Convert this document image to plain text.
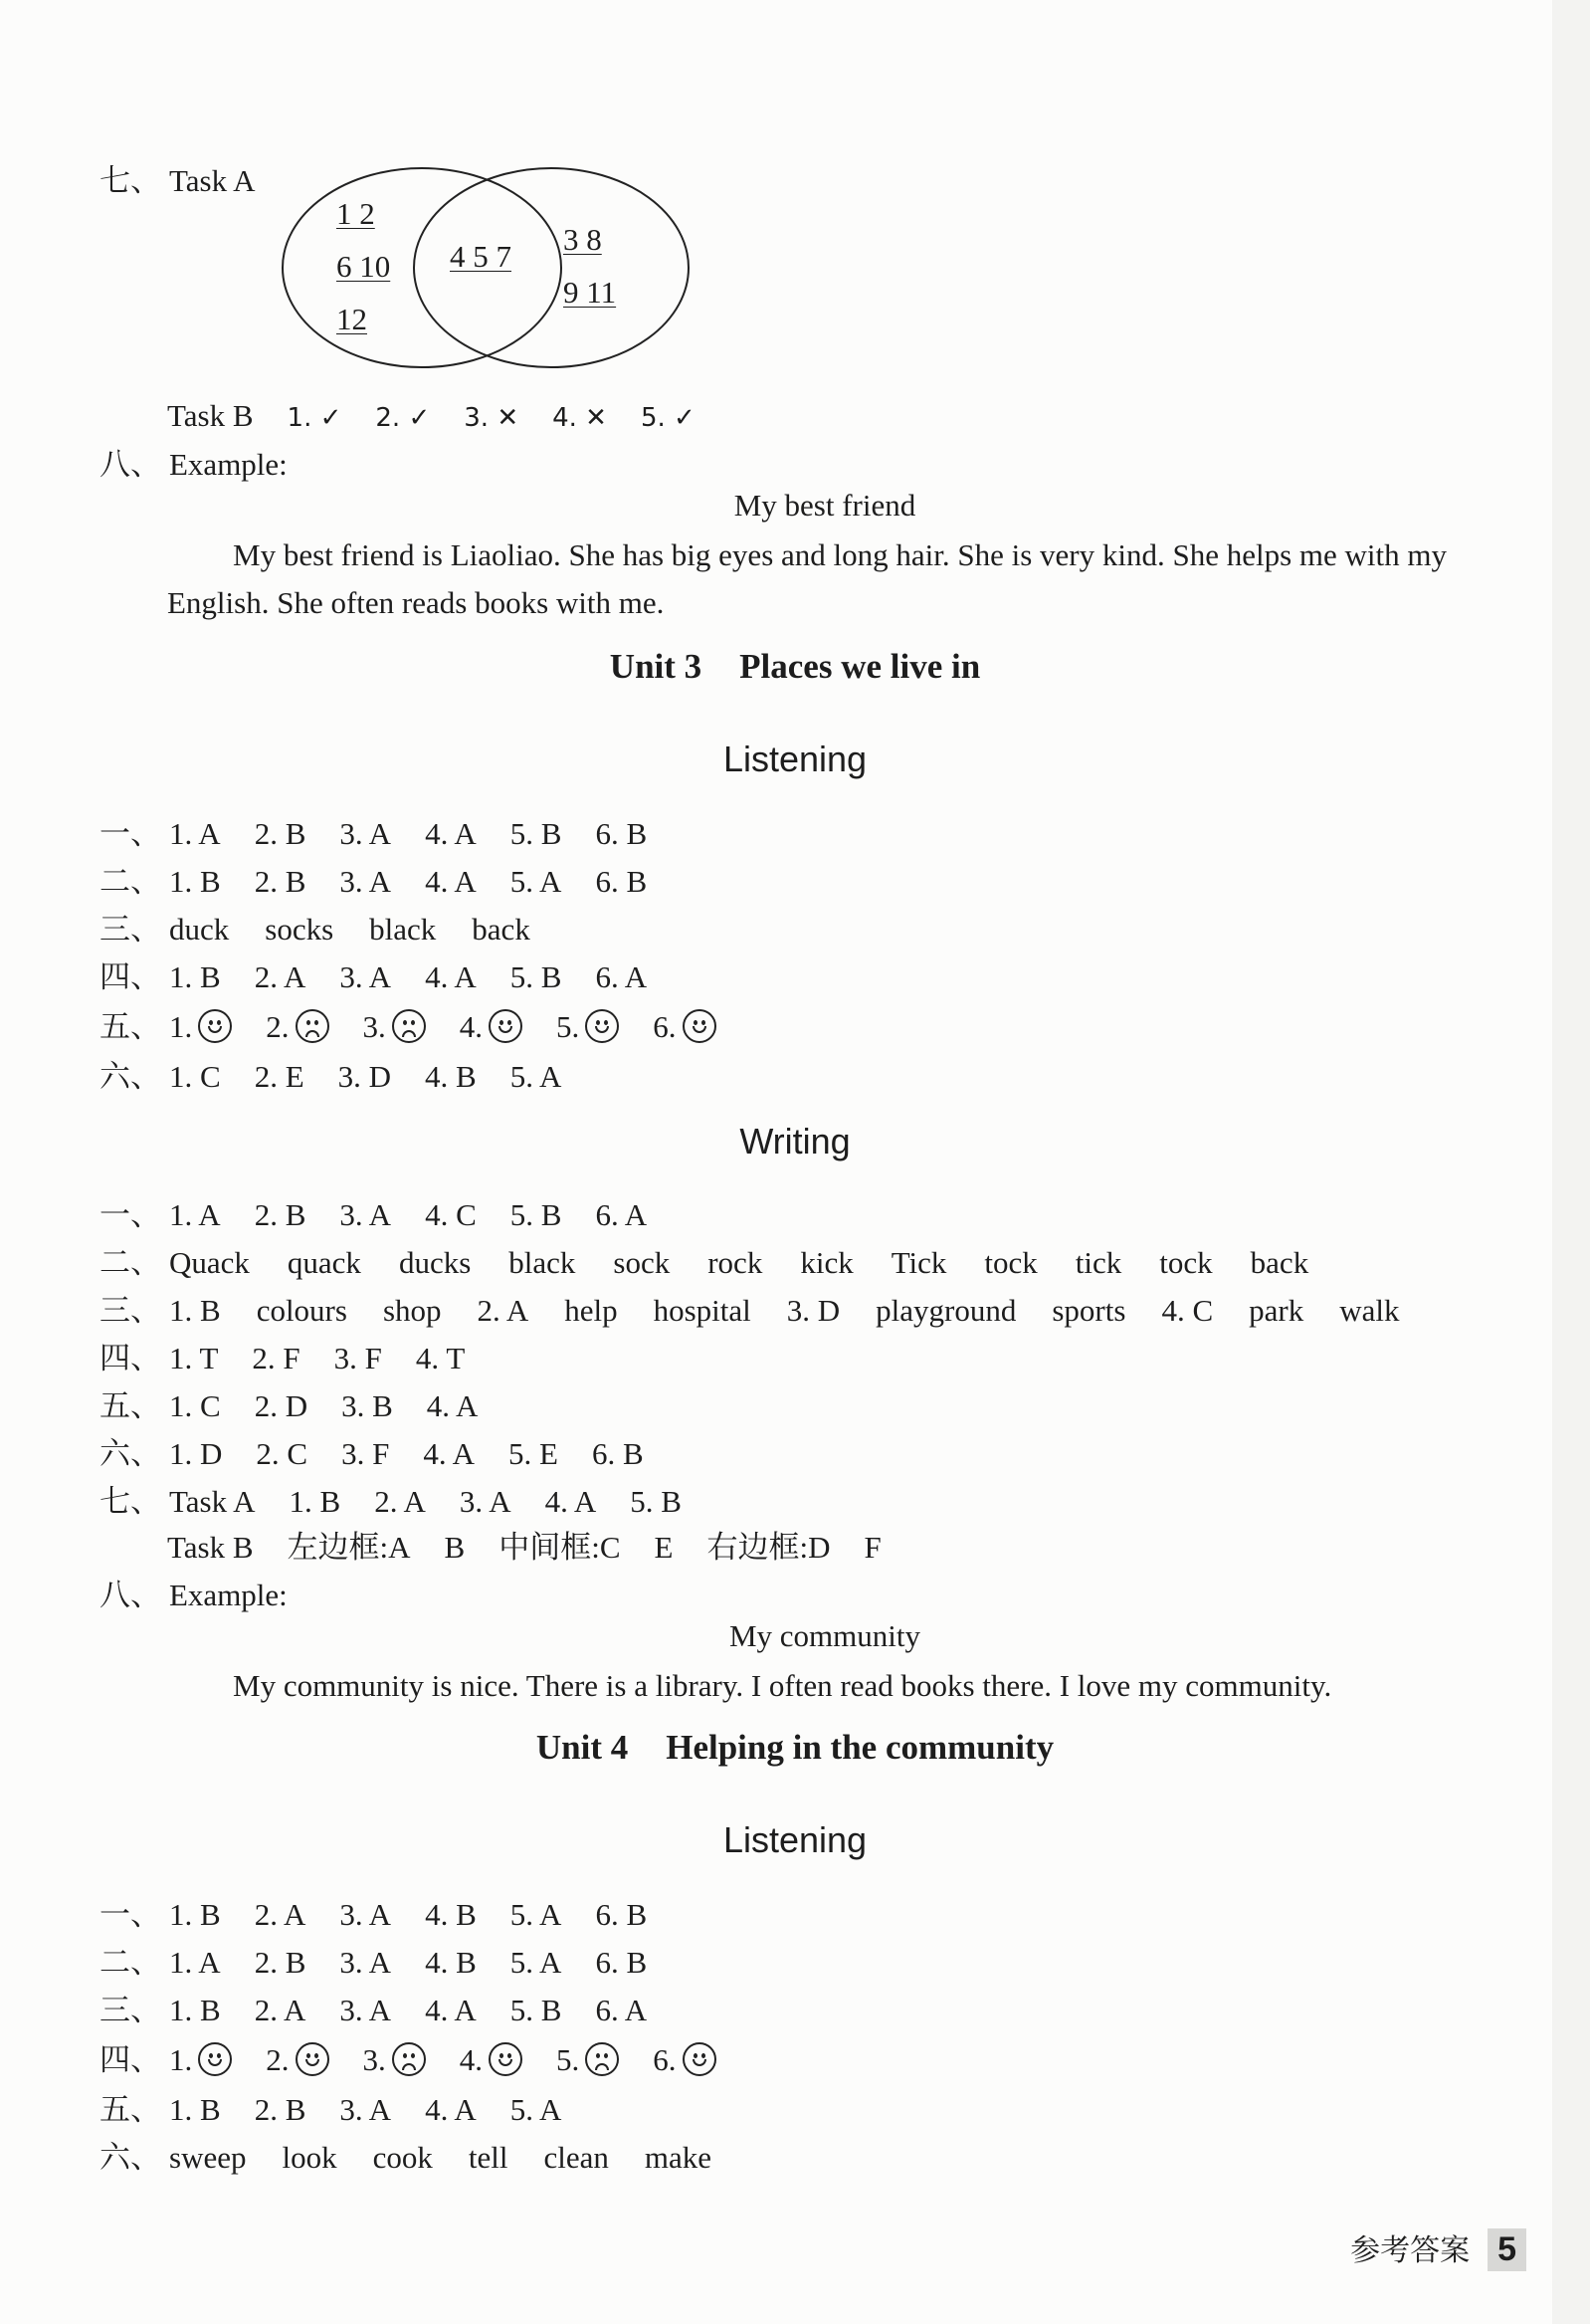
七、 Task A
1 2
6 10
12
4 5 7 3 8
9 11
Task B 1. ✓ 2. ✓ 3. ✕ 4. ✕ 5. ✓
八、 Example:
My best friend
My best friend is Liaoliao. She has big eyes and long hair. She is very kind. She helps me with my English. She often reads books with me.
Unit 3 Places we live in
Listening
一、 1. A 2. B 3. A 4. A 5. B 6. B
二、 1. B 2. B 3. A 4. A 5. A 6. B
三、 duck socks black back
四、 1. B 2. A 3. A 4. A 5. B 6. A
五、 1. 2. 3. 4. 5. 6.
六、 1. C 2. E 3. D 4. B 5. A
Writing
一、 1. A 2. B 3. A 4. C 5. B 6. A
二、 Quack quack ducks black sock rock kick Tick tock tick tock back
三、 1. B colours shop 2. A help hospital 3. D playground sports 4. C park walk
四、 1. T 2. F 3. F 4. T
五、 1. C 2. D 3. B 4. A
六、 1. D 2. C 3. F 4. A 5. E 6. B
七、 Task A 1. B 2. A 3. A 4. A 5. B
Task B 左边框:A B 中间框:C E 右边框:D F
八、 Example:
My community
My community is nice. There is a library. I often read books there. I love my community.
Unit 4 Helping in the community
Listening
一、 1. B 2. A 3. A 4. B 5. A 6. B
二、 1. A 2. B 3. A 4. B 5. A 6. B
三、 1. B 2. A 3. A 4. A 5. B 6. A
四、 1. 2. 3. 4. 5. 6.
五、 1. B 2. B 3. A 4. A 5. A
六、 sweep look cook tell clean make
参考答案 5
